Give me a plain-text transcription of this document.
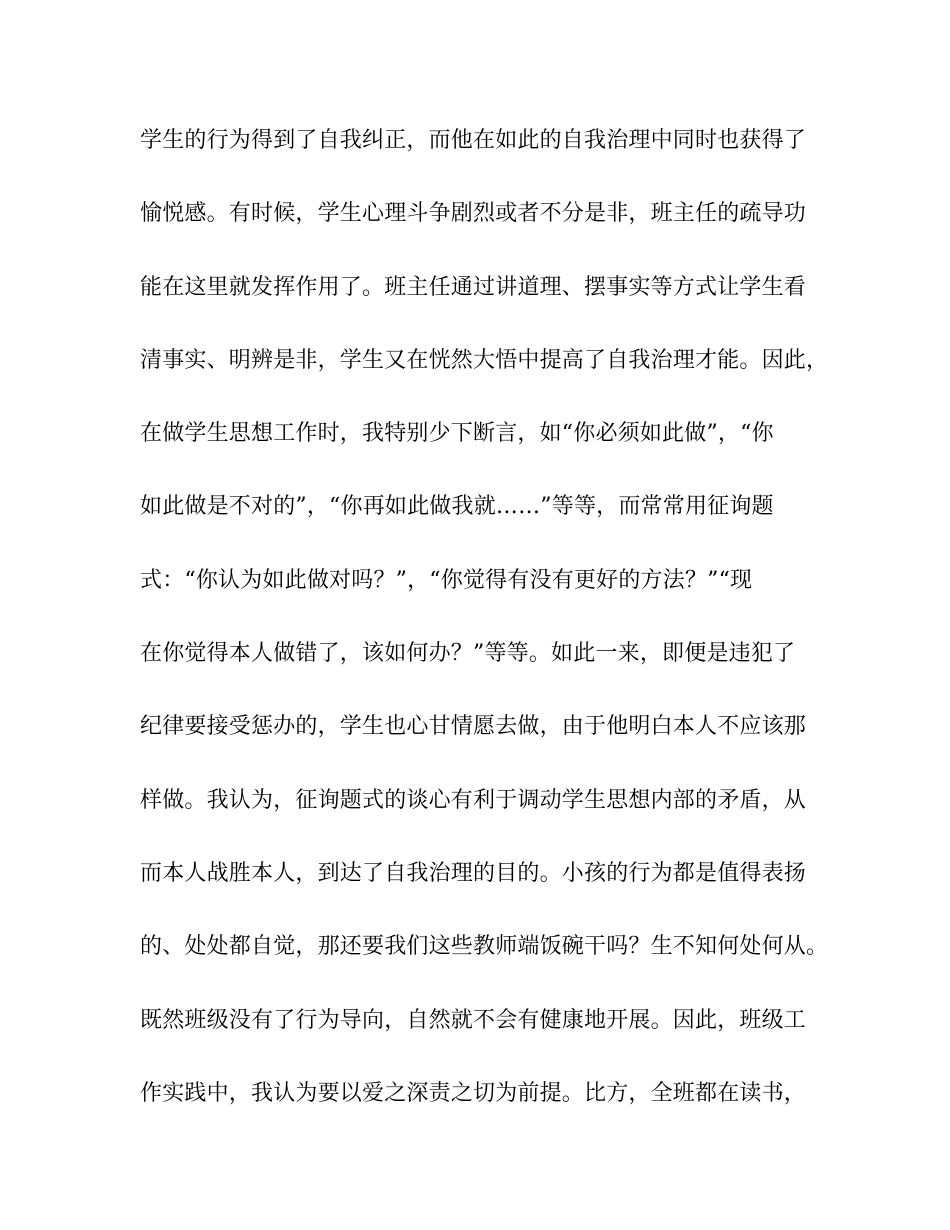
学生的行为得到了自我纠正，而他在如此的自我治理中同时也获得了
愉悦感。有时候，学生心理斗争剧烈或者不分是非，班主任的疏导功
能在这里就发挥作用了。班主任通过讲道理、摆事实等方式让学生看
清事实、明辨是非，学生又在恍然大悟中提高了自我治理才能。因此，
在做学生思想工作时，我特别少下断言，如“你必须如此做”，“你
如此做是不对的”，“你再如此做我就……”等等，而常常用征询题
式：“你认为如此做对吗？”，“你觉得有没有更好的方法？”“现
在你觉得本人做错了，该如何办？”等等。如此一来，即便是违犯了
纪律要接受惩办的，学生也心甘情愿去做，由于他明白本人不应该那
样做。我认为，征询题式的谈心有利于调动学生思想内部的矛盾，从
而本人战胜本人，到达了自我治理的目的。小孩的行为都是值得表扬
的、处处都自觉，那还要我们这些教师端饭碗干吗？生不知何处何从。
既然班级没有了行为导向，自然就不会有健康地开展。因此，班级工
作实践中，我认为要以爱之深责之切为前提。比方，全班都在读书，
